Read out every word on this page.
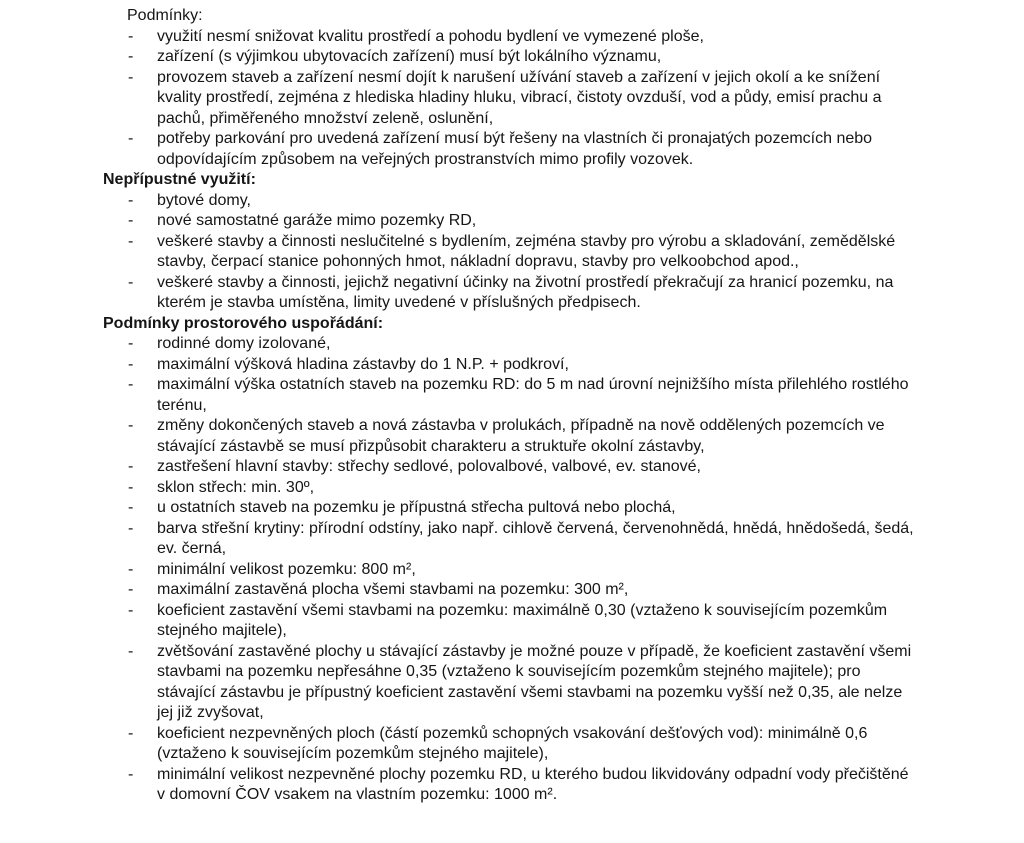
Podmínky:
-	využití nesmí snižovat kvalitu prostředí a pohodu bydlení ve vymezené ploše,
-	zařízení (s výjimkou ubytovacích zařízení) musí být lokálního významu,
-	provozem staveb a zařízení nesmí dojít k narušení užívání staveb a zařízení v jejich okolí a ke snížení kvality prostředí, zejména z hlediska hladiny hluku, vibrací, čistoty ovzduší, vod a půdy, emisí prachu a pachů, přiměřeného množství zeleně, oslunění,
-	potřeby parkování pro uvedená zařízení musí být řešeny na vlastních či pronajatých pozemcích nebo odpovídajícím způsobem na veřejných prostranstvích mimo profily vozovek.
Nepřípustné využití:
-	bytové domy,
-	nové samostatné garáže mimo pozemky RD,
-	veškeré stavby a činnosti neslučitelné s bydlením, zejména stavby pro výrobu a skladování, zemědělské stavby, čerpací stanice pohonných hmot, nákladní dopravu, stavby pro velkoobchod apod.,
-	veškeré stavby a činnosti, jejichž negativní účinky na životní prostředí překračují za hranicí pozemku, na kterém je stavba umístěna, limity uvedené v příslušných předpisech.
Podmínky prostorového uspořádání:
-	rodinné domy izolované,
-	maximální výšková hladina zástavby do 1 N.P. + podkroví,
-	maximální výška ostatních staveb na pozemku RD: do 5 m nad úrovní nejnižšího místa přilehlého rostlého terénu,
-	změny dokončených staveb a nová zástavba v prolukách, případně na nově oddělených pozemcích ve stávající zástavbě se musí přizpůsobit charakteru a struktuře okolní zástavby,
-	zastřešení hlavní stavby: střechy sedlové, polovalbové, valbové, ev. stanové,
-	sklon střech: min. 30º,
-	u ostatních staveb na pozemku je přípustná střecha pultová nebo plochá,
-	barva střešní krytiny: přírodní odstíny, jako např. cihlově červená, červenohnědá, hnědá, hnědošedá, šedá, ev. černá,
-	minimální velikost pozemku: 800 m²,
-	maximální zastavěná plocha všemi stavbami na pozemku: 300 m²,
-	koeficient zastavění všemi stavbami na pozemku: maximálně 0,30 (vztaženo k souvisejícím pozemkům stejného majitele),
-	zvětšování zastavěné plochy u stávající zástavby je možné pouze v případě, že koeficient zastavění všemi stavbami na pozemku nepřesáhne 0,35 (vztaženo k souvisejícím pozemkům stejného majitele); pro stávající zástavbu je přípustný koeficient zastavění všemi stavbami na pozemku vyšší než 0,35, ale nelze jej již zvyšovat,
-	koeficient nezpevněných ploch (částí pozemků schopných vsakování dešťových vod): minimálně 0,6 (vztaženo k souvisejícím pozemkům stejného majitele),
-	minimální velikost nezpevněné plochy pozemku RD, u kterého budou likvidovány odpadní vody přečištěné v domovní ČOV vsakem na vlastním pozemku: 1000 m².
